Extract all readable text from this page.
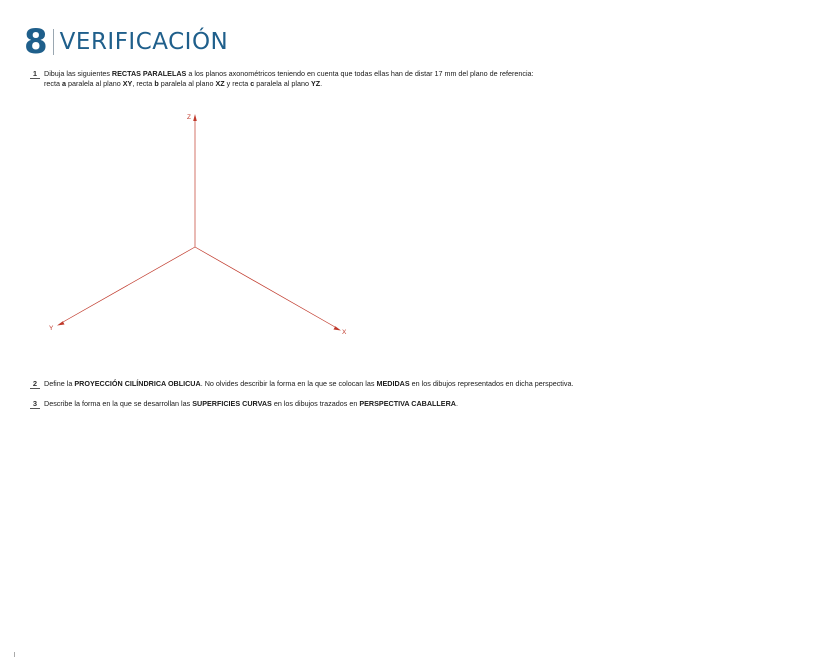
8 VERIFICACIÓN
1 Dibuja las siguientes RECTAS PARALELAS a los planos axonométricos teniendo en cuenta que todas ellas han de distar 17 mm del plano de referencia:
recta a paralela al plano XY, recta b paralela al plano XZ y recta c paralela al plano YZ.
Z
Y
X
2 Define la PROYECCIÓN CILÍNDRICA OBLICUA. No olvides describir la forma en la que se colocan las MEDIDAS en los dibujos representados en dicha perspectiva.
3 Describe la forma en la que se desarrollan las SUPERFICIES CURVAS en los dibujos trazados en PERSPECTIVA CABALLERA.
